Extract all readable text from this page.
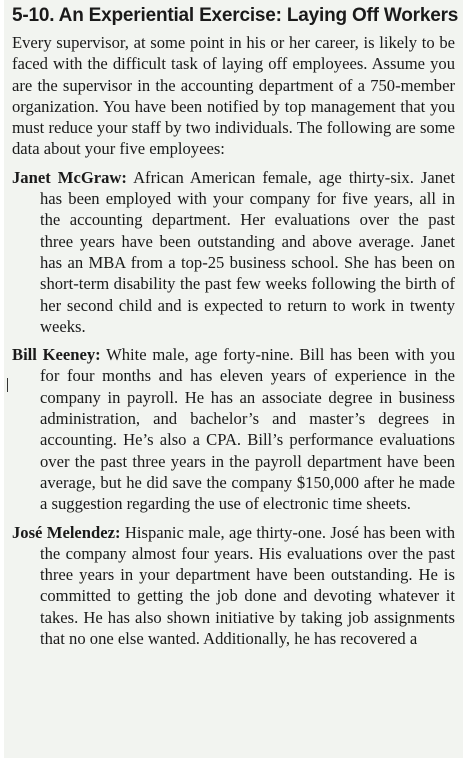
5-10. An Experiential Exercise: Laying Off Workers

Every supervisor, at some point in his or her career, is likely to be faced with the difficult task of laying off employees. Assume you are the supervisor in the accounting department of a 750-member organization. You have been notified by top management that you must reduce your staff by two individuals. The following are some data about your five employees:

Janet McGraw: African American female, age thirty-six. Janet has been employed with your company for five years, all in the accounting department. Her evaluations over the past three years have been outstanding and above average. Janet has an MBA from a top-25 business school. She has been on short-term disability the past few weeks following the birth of her second child and is expected to return to work in twenty weeks.

Bill Keeney: White male, age forty-nine. Bill has been with you for four months and has eleven years of experience in the company in payroll. He has an associate degree in business administration, and bachelor’s and master’s degrees in accounting. He’s also a CPA. Bill’s performance evaluations over the past three years in the payroll department have been average, but he did save the company $150,000 after he made a suggestion regarding the use of electronic time sheets.

José Melendez: Hispanic male, age thirty-one. José has been with the company almost four years. His evaluations over the past three years in your department have been outstanding. He is committed to getting the job done and devoting whatever it takes. He has also shown initiative by taking job assignments that no one else wanted. Additionally, he has recovered a
